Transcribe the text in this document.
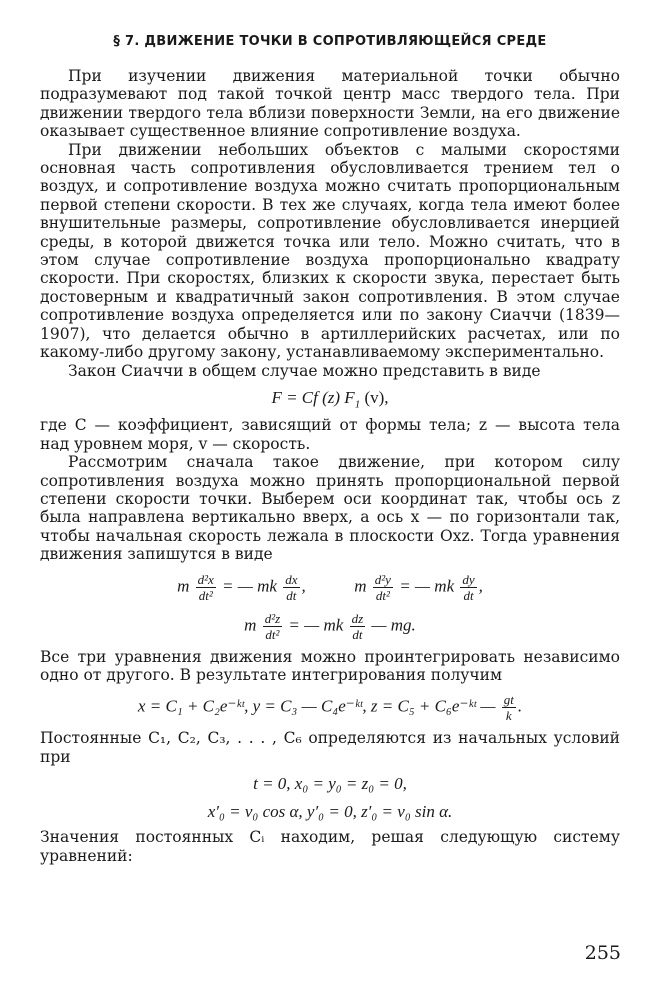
§ 7. ДВИЖЕНИЕ ТОЧКИ В СОПРОТИВЛЯЮЩЕЙСЯ СРЕДЕ

При изучении движения материальной точки обычно подразумевают под такой точкой центр масс твердого тела. При движении твердого тела вблизи поверхности Земли, на его движение оказывает существенное влияние сопротивление воздуха.

При движении небольших объектов с малыми скоростями основная часть сопротивления обусловливается трением тел о воздух, и сопротивление воздуха можно считать пропорциональным первой степени скорости. В тех же случаях, когда тела имеют более внушительные размеры, сопротивление обусловливается инерцией среды, в которой движется точка или тело. Можно считать, что в этом случае сопротивление воздуха пропорционально квадрату скорости. При скоростях, близких к скорости звука, перестает быть достоверным и квадратичный закон сопротивления. В этом случае сопротивление воздуха определяется или по закону Сиаччи (1839—1907), что делается обычно в артиллерийских расчетах, или по какому-либо другому закону, устанавливаемому экспериментально.

Закон Сиаччи в общем случае можно представить в виде

F = Cf (z) $F_1$ (v),

где C — коэффициент, зависящий от формы тела; z — высота тела над уровнем моря, v — скорость.

Рассмотрим сначала такое движение, при котором силу сопротивления воздуха можно принять пропорциональной первой степени скорости точки. Выберем оси координат так, чтобы ось z была направлена вертикально вверх, а ось x — по горизонтали так, чтобы начальная скорость лежала в плоскости Oxz. Тогда уравнения движения запишутся в виде

m $\frac{\text{d²x}}{\text{dt²}}$ = — mk $\frac{dx}{dt}$ ,	m $\frac{\text{d²y}}{\text{dt²}}$ = — mk $\frac{dy}{dt}$ ,
m $\frac{\text{d²z}}{\text{dt²}}$ = — mk $\frac{dz}{dt}$ — mg.

Все три уравнения движения можно проинтегрировать независимо одно от другого. В результате интегрирования получим

x = C₁ + C₂e⁻ᵏᵗ, y = C₃ — C₄e⁻ᵏᵗ, z = C₅ + C₆e⁻ᵏᵗ — $\frac{gt}{k}$ .

Постоянные C₁, C₂, C₃, . . . , C₆ определяются из начальных условий при

t = 0, x₀ = y₀ = z₀ = 0,
x′₀ = v₀ cos α, y′₀ = 0, z′₀ = v₀ sin α.

Значения постоянных Cᵢ находим, решая следующую систему уравнений:

255
